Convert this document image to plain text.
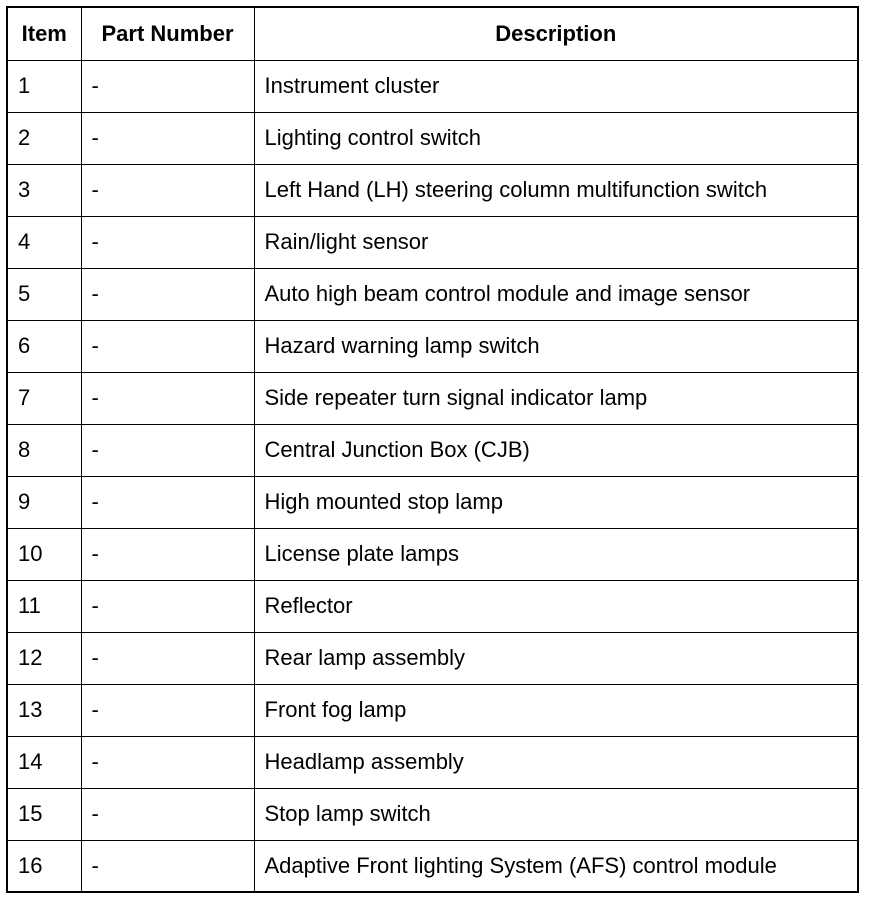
Item	Part Number	Description
1	-	Instrument cluster
2	-	Lighting control switch
3	-	Left Hand (LH) steering column multifunction switch
4	-	Rain/light sensor
5	-	Auto high beam control module and image sensor
6	-	Hazard warning lamp switch
7	-	Side repeater turn signal indicator lamp
8	-	Central Junction Box (CJB)
9	-	High mounted stop lamp
10	-	License plate lamps
11	-	Reflector
12	-	Rear lamp assembly
13	-	Front fog lamp
14	-	Headlamp assembly
15	-	Stop lamp switch
16	-	Adaptive Front lighting System (AFS) control module
